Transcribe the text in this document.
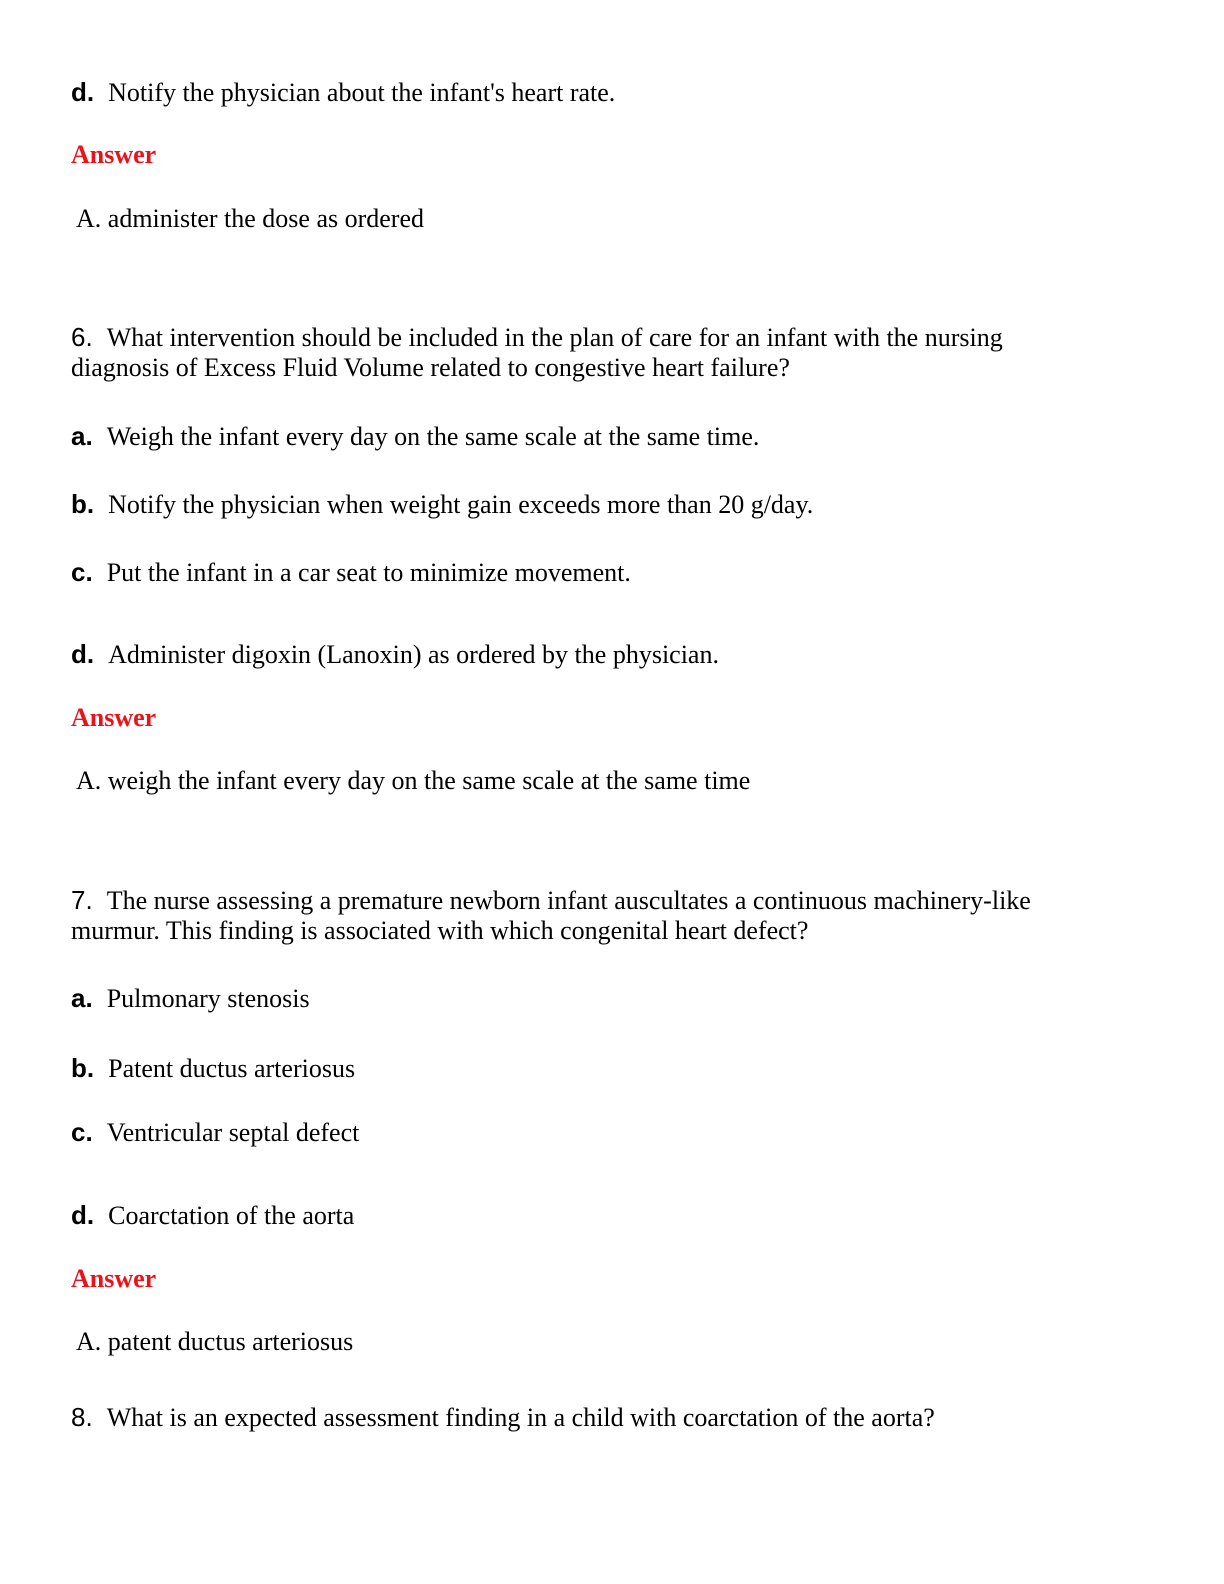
d. Notify the physician about the infant's heart rate.
Answer
A. administer the dose as ordered
6. What intervention should be included in the plan of care for an infant with the nursing
diagnosis of Excess Fluid Volume related to congestive heart failure?
a. Weigh the infant every day on the same scale at the same time.
b. Notify the physician when weight gain exceeds more than 20 g/day.
c. Put the infant in a car seat to minimize movement.
d. Administer digoxin (Lanoxin) as ordered by the physician.
Answer
A. weigh the infant every day on the same scale at the same time
7. The nurse assessing a premature newborn infant auscultates a continuous machinery-like
murmur. This finding is associated with which congenital heart defect?
a. Pulmonary stenosis
b. Patent ductus arteriosus
c. Ventricular septal defect
d. Coarctation of the aorta
Answer
A. patent ductus arteriosus
8. What is an expected assessment finding in a child with coarctation of the aorta?
